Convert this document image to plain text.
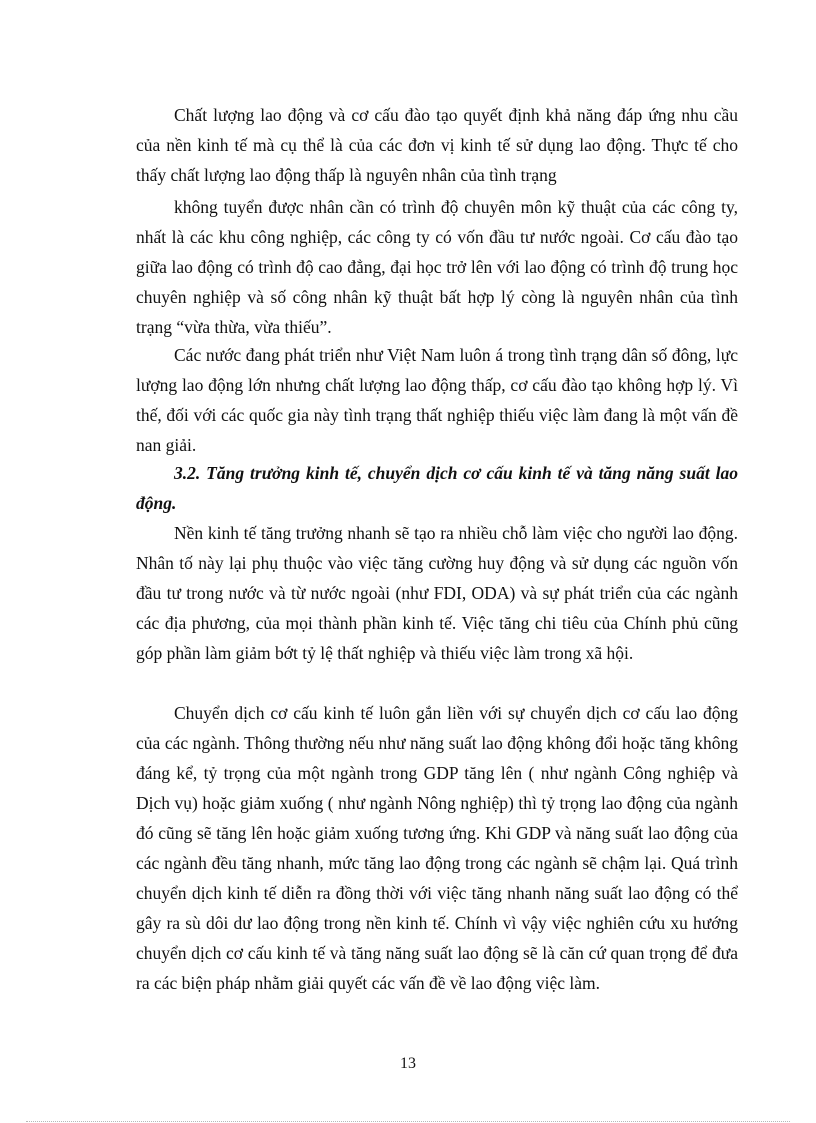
Chất lượng lao động và cơ cấu đào tạo quyết định khả năng đáp ứng nhu cầu của nền kinh tế mà cụ thể là của các đơn vị kinh tế sử dụng lao động. Thực tế cho thấy chất lượng lao động thấp là nguyên nhân của tình trạng

không tuyển được nhân cần có trình độ chuyên môn kỹ thuật của các công ty, nhất là các khu công nghiệp, các công ty có vốn đầu tư nước ngoài. Cơ cấu đào tạo giữa lao động có trình độ cao đẳng, đại học trở lên với lao động có trình độ trung học chuyên nghiệp và số công nhân kỹ thuật bất hợp lý còng là nguyên nhân của tình trạng “vừa thừa, vừa thiếu”.

Các nước đang phát triển như Việt Nam luôn á trong tình trạng dân số đông, lực lượng lao động lớn nhưng chất lượng lao động thấp, cơ cấu đào tạo không hợp lý. Vì thế, đối với các quốc gia này tình trạng thất nghiệp thiếu việc làm đang là một vấn đề nan giải.

3.2. Tăng trưởng kinh tế, chuyển dịch cơ cấu kinh tế và tăng năng suất lao động.

Nền kinh tế tăng trưởng nhanh sẽ tạo ra nhiều chỗ làm việc cho người lao động. Nhân tố này lại phụ thuộc vào việc tăng cường huy động và sử dụng các nguồn vốn đầu tư trong nước và từ nước ngoài (như FDI, ODA) và sự phát triển của các ngành các địa phương, của mọi thành phần kinh tế. Việc tăng chi tiêu của Chính phủ cũng góp phần làm giảm bớt tỷ lệ thất nghiệp và thiếu việc làm trong xã hội.

Chuyển dịch cơ cấu kinh tế luôn gắn liền với sự chuyển dịch cơ cấu lao động của các ngành. Thông thường nếu như năng suất lao động không đổi hoặc tăng không đáng kể, tỷ trọng của một ngành trong GDP tăng lên ( như ngành Công nghiệp và Dịch vụ) hoặc giảm xuống ( như ngành Nông nghiệp) thì tỷ trọng lao động của ngành đó cũng sẽ tăng lên hoặc giảm xuống tương ứng. Khi GDP và năng suất lao động của các ngành đều tăng nhanh, mức tăng lao động trong các ngành sẽ chậm lại. Quá trình chuyển dịch kinh tế diễn ra đồng thời với việc tăng nhanh năng suất lao động có thể gây ra sù dôi dư lao động trong nền kinh tế. Chính vì vậy việc nghiên cứu xu hướng chuyển dịch cơ cấu kinh tế và tăng năng suất lao động sẽ là căn cứ quan trọng để đưa ra các biện pháp nhằm giải quyết các vấn đề về lao động việc làm.

13
